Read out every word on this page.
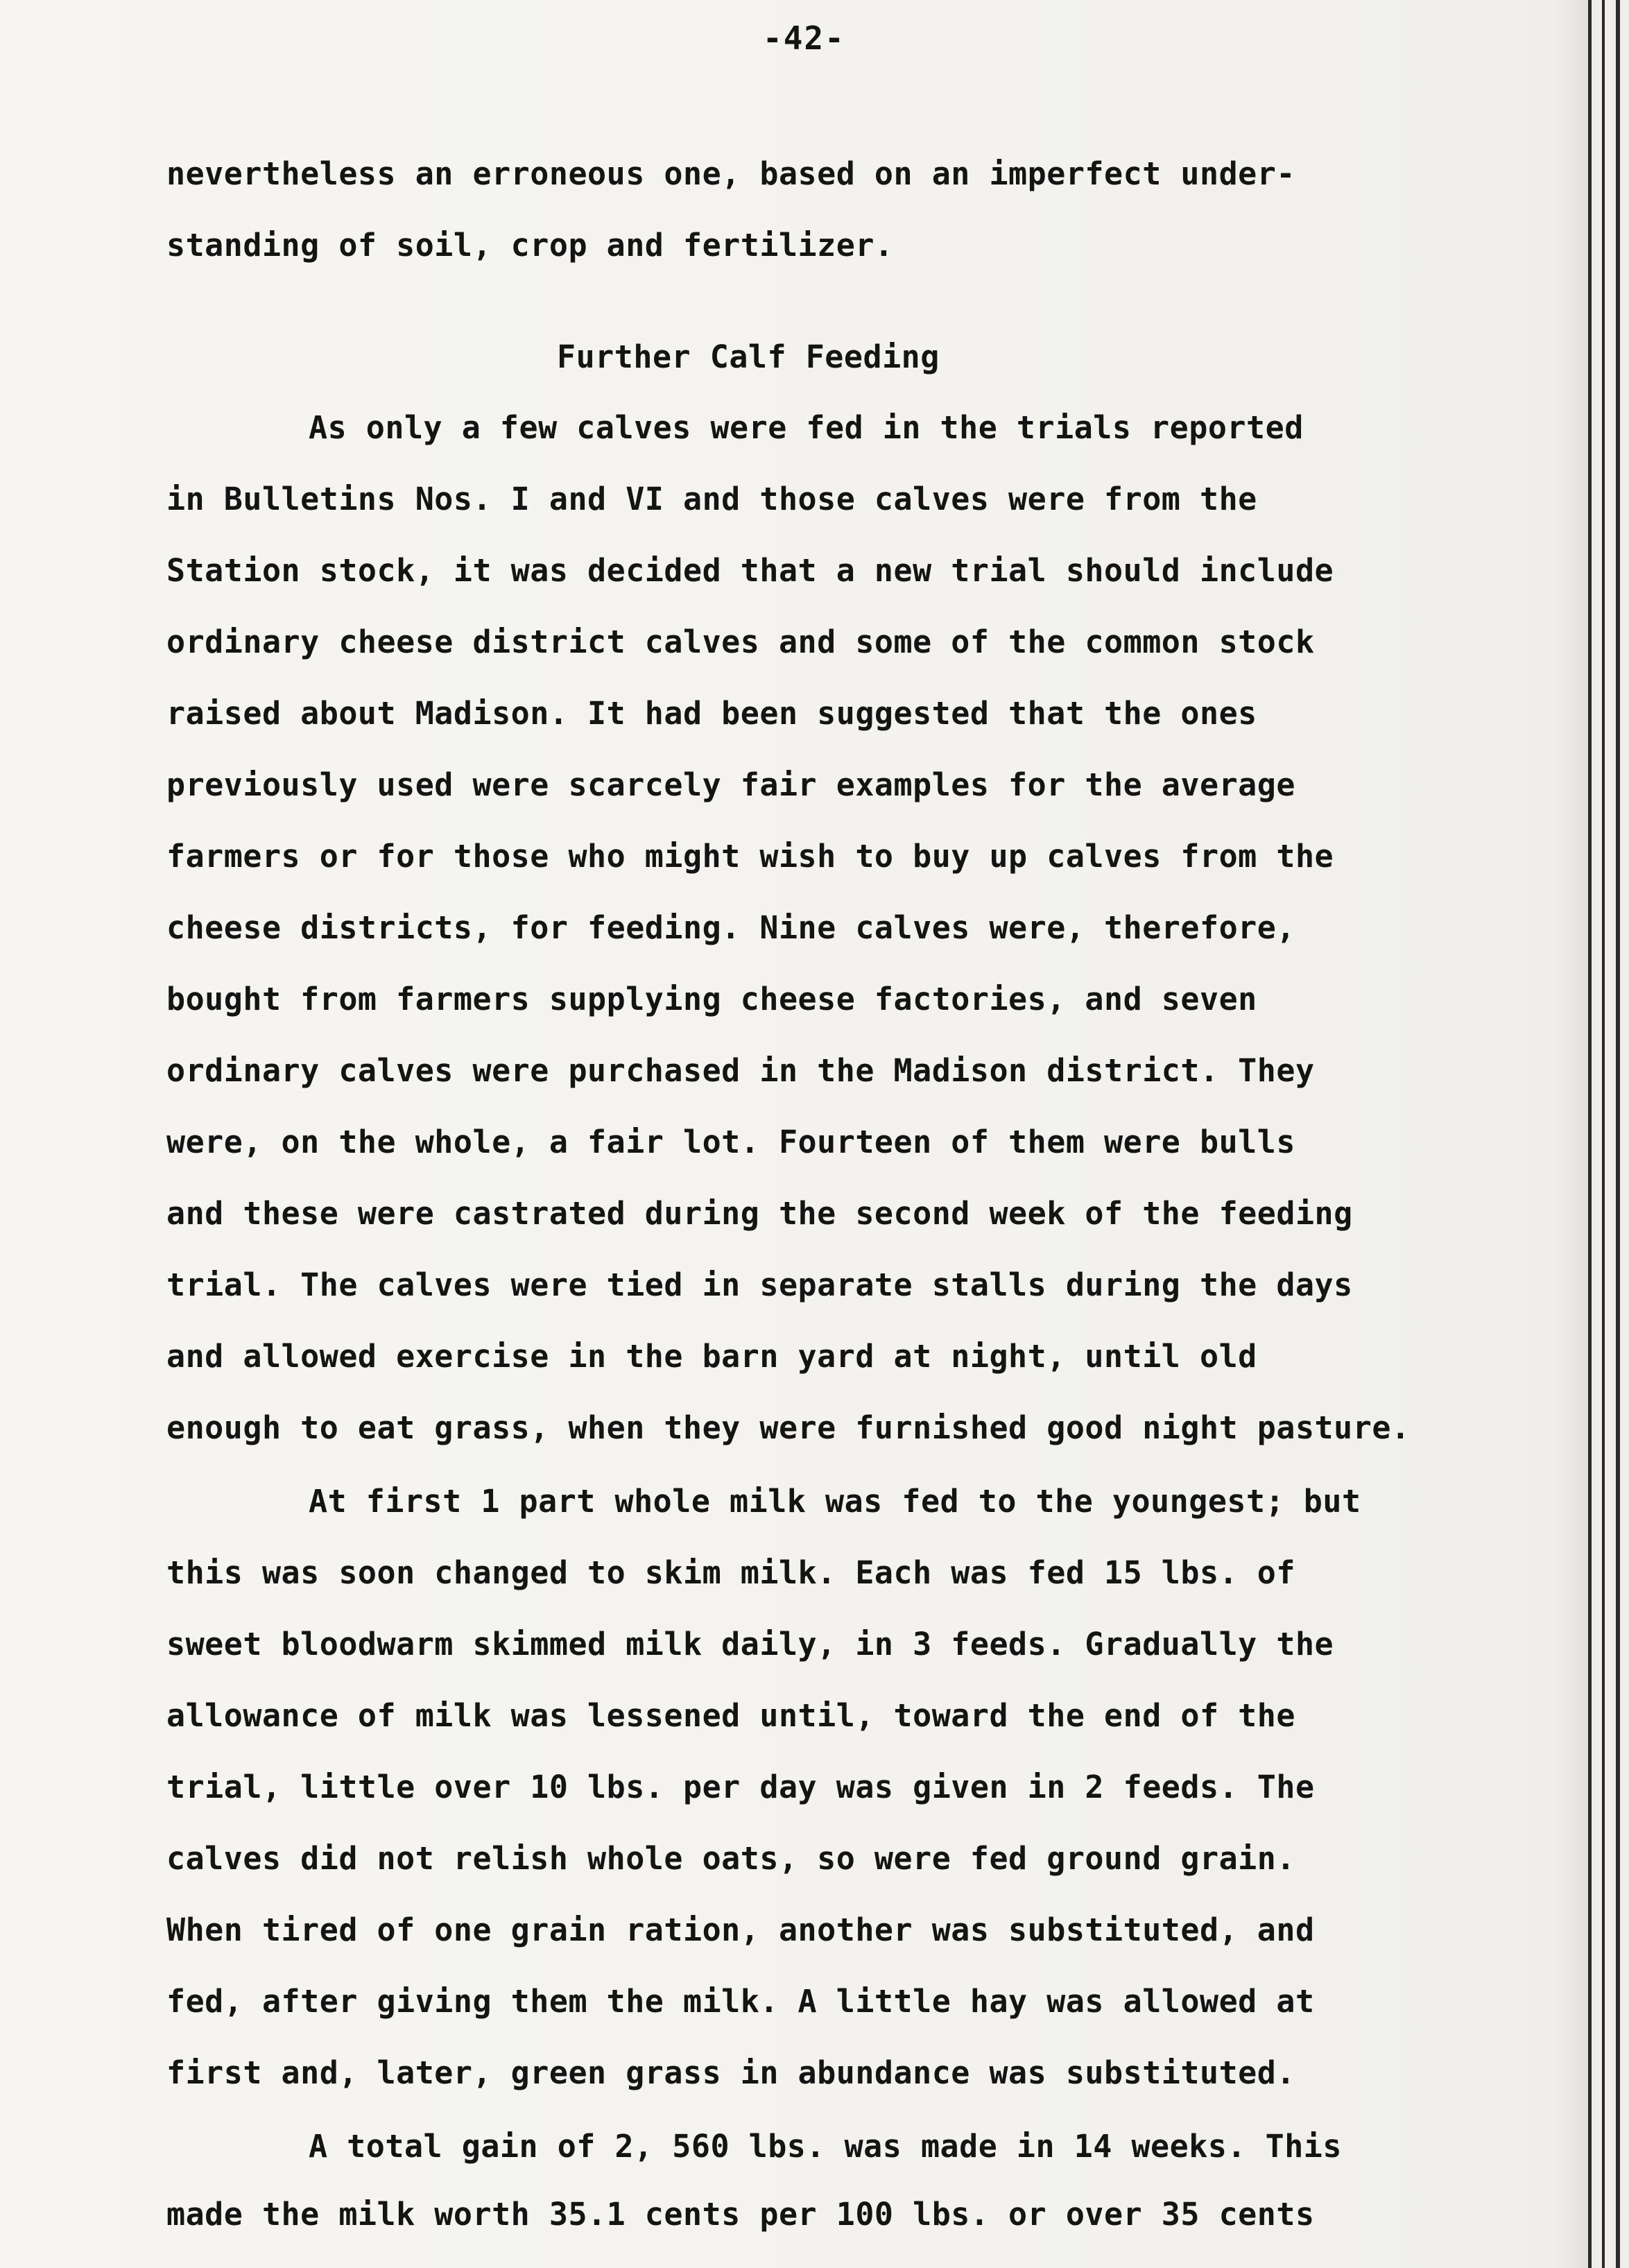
-42-
nevertheless an erroneous one, based on an imperfect under-
standing of soil, crop and fertilizer.
Further Calf Feeding
As only a few calves were fed in the trials reported
in Bulletins Nos. I and VI and those calves were from the
Station stock, it was decided that a new trial should include
ordinary cheese district calves and some of the common stock
raised about Madison. It had been suggested that the ones
previously used were scarcely fair examples for the average
farmers or for those who might wish to buy up calves from the
cheese districts, for feeding. Nine calves were, therefore,
bought from farmers supplying cheese factories, and seven
ordinary calves were purchased in the Madison district. They
were, on the whole, a fair lot. Fourteen of them were bulls
and these were castrated during the second week of the feeding
trial. The calves were tied in separate stalls during the days
and allowed exercise in the barn yard at night, until old
enough to eat grass, when they were furnished good night pasture.
At first 1 part whole milk was fed to the youngest; but
this was soon changed to skim milk. Each was fed 15 lbs. of
sweet bloodwarm skimmed milk daily, in 3 feeds. Gradually the
allowance of milk was lessened until, toward the end of the
trial, little over 10 lbs. per day was given in 2 feeds. The
calves did not relish whole oats, so were fed ground grain.
When tired of one grain ration, another was substituted, and
fed, after giving them the milk. A little hay was allowed at
first and, later, green grass in abundance was substituted.
A total gain of 2, 560 lbs. was made in 14 weeks. This
made the milk worth 35.1 cents per 100 lbs. or over 35 cents
